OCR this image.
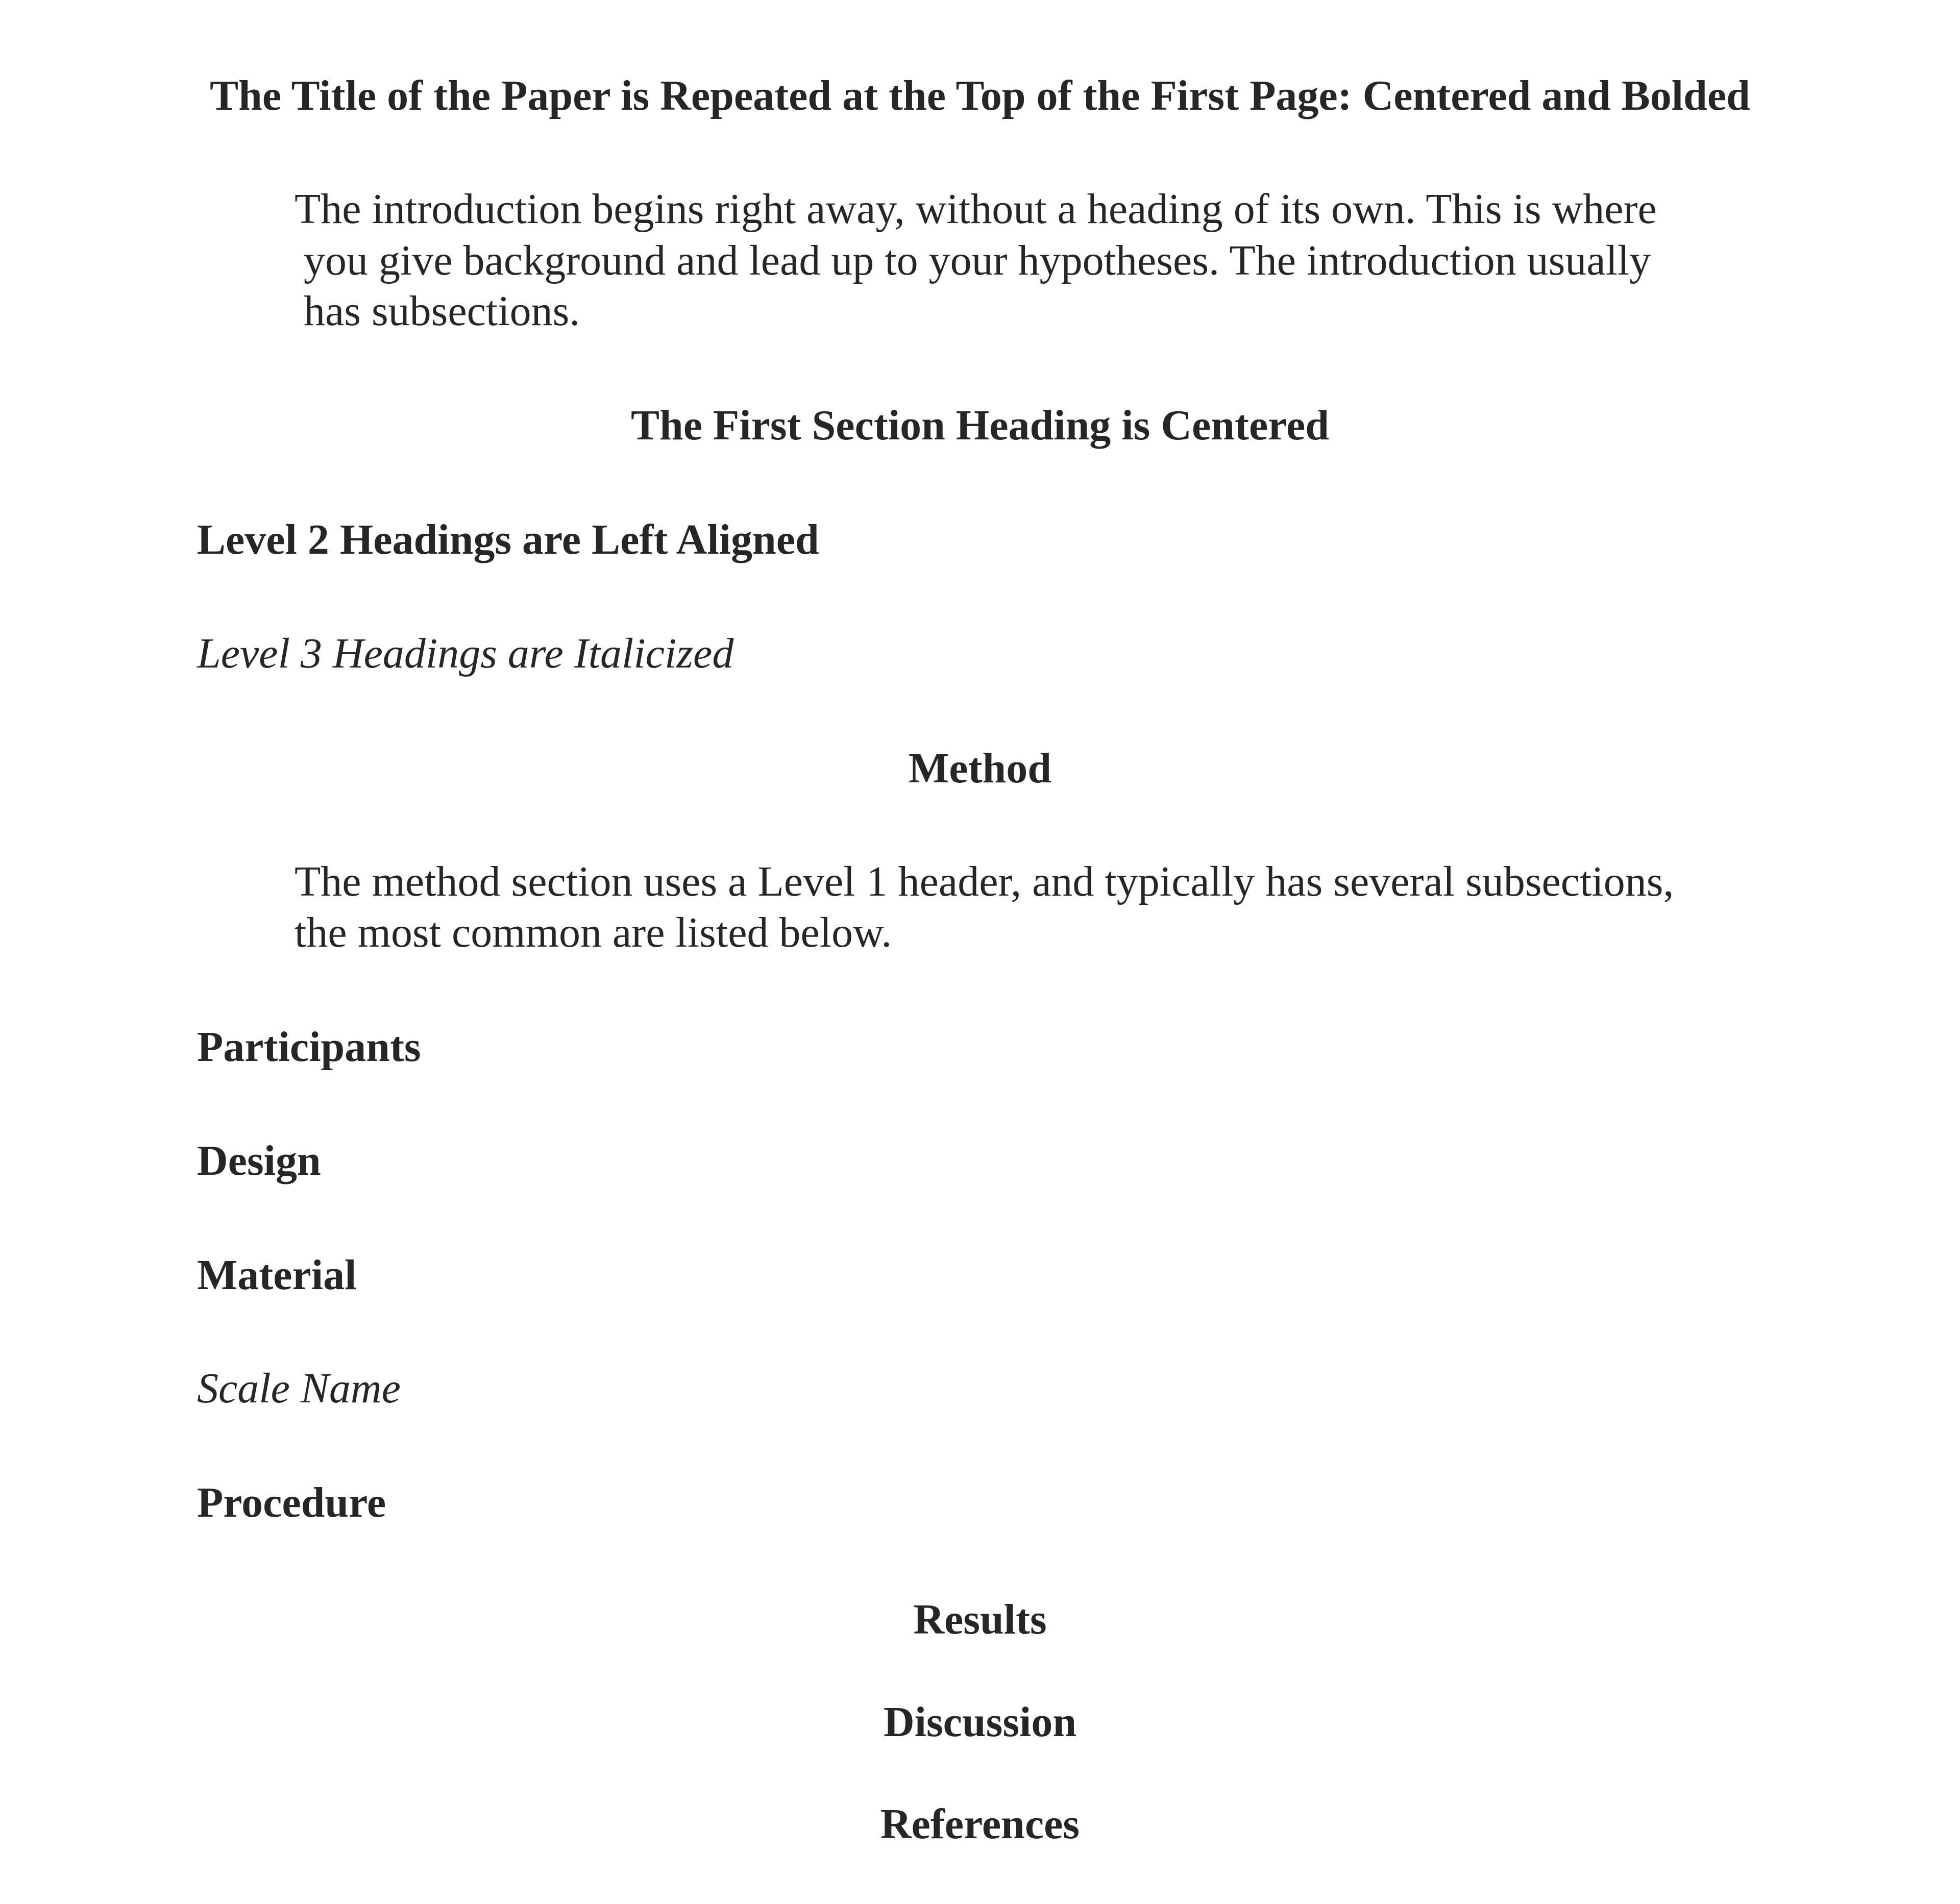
The Title of the Paper is Repeated at the Top of the First Page: Centered and Bolded
The introduction begins right away, without a heading of its own. This is where
you give background and lead up to your hypotheses. The introduction usually
has subsections.
The First Section Heading is Centered
Level 2 Headings are Left Aligned
Level 3 Headings are Italicized
Method
The method section uses a Level 1 header, and typically has several subsections,
the most common are listed below.
Participants
Design
Material
Scale Name
Procedure
Results
Discussion
References
